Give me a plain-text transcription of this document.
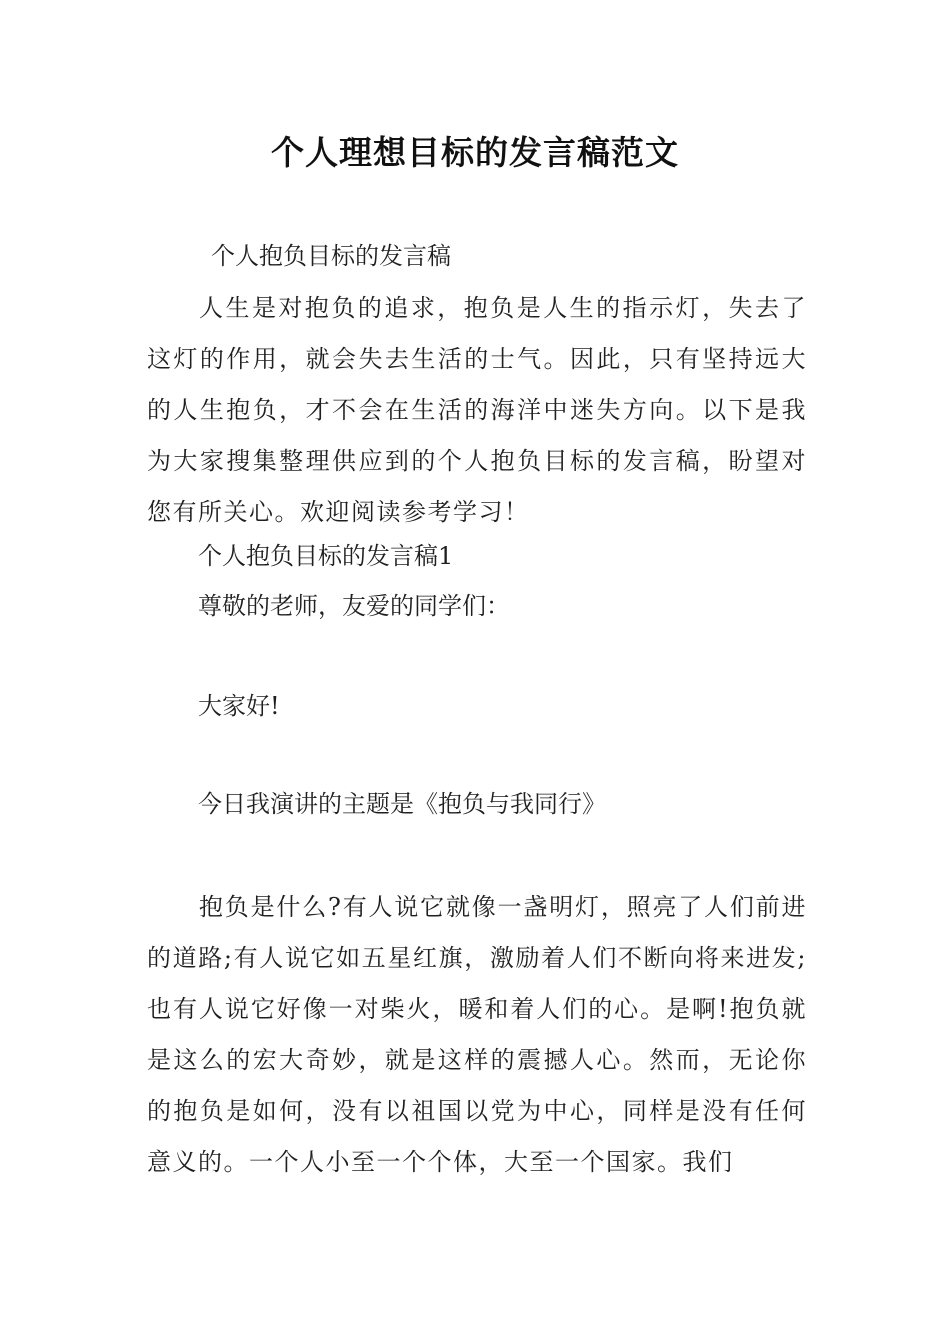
个人理想目标的发言稿范文
个人抱负目标的发言稿
人生是对抱负的追求，抱负是人生的指示灯，失去了这灯的作用，就会失去生活的士气。因此，只有坚持远大的人生抱负，才不会在生活的海洋中迷失方向。以下是我为大家搜集整理供应到的个人抱负目标的发言稿，盼望对您有所关心。欢迎阅读参考学习！
个人抱负目标的发言稿1
尊敬的老师，友爱的同学们：
大家好!
今日我演讲的主题是《抱负与我同行》
抱负是什么?有人说它就像一盏明灯，照亮了人们前进的道路;有人说它如五星红旗，激励着人们不断向将来进发;也有人说它好像一对柴火，暖和着人们的心。是啊!抱负就是这么的宏大奇妙，就是这样的震撼人心。然而，无论你的抱负是如何，没有以祖国以党为中心，同样是没有任何意义的。一个人小至一个个体，大至一个国家。我们
